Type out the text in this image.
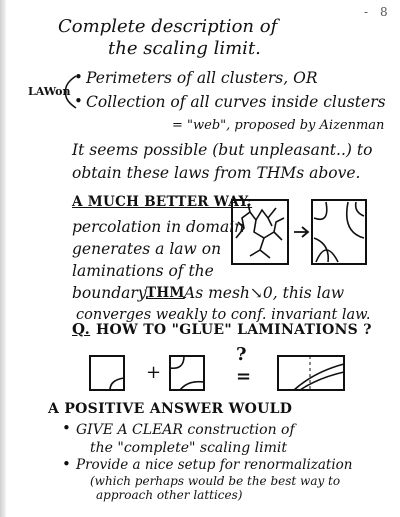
- 8
Complete description of
the scaling limit.
LAWon
• Perimeters of all clusters, OR
• Collection of all curves inside clusters
= "web", proposed by Aizenman
It seems possible (but unpleasant..) to
obtain these laws from THMs above.
A MUCH BETTER WAY:
percolation in domain
generates a law on
laminations of the
boundary.
THM As mesh↘0, this law
converges weakly to conf. invariant law.
Q. HOW TO "GLUE" LAMINATIONS ?
+	=
?
A POSITIVE ANSWER WOULD
• GIVE A CLEAR construction of
the "complete" scaling limit
• Provide a nice setup for renormalization
(which perhaps would be the best way to
approach other lattices)
